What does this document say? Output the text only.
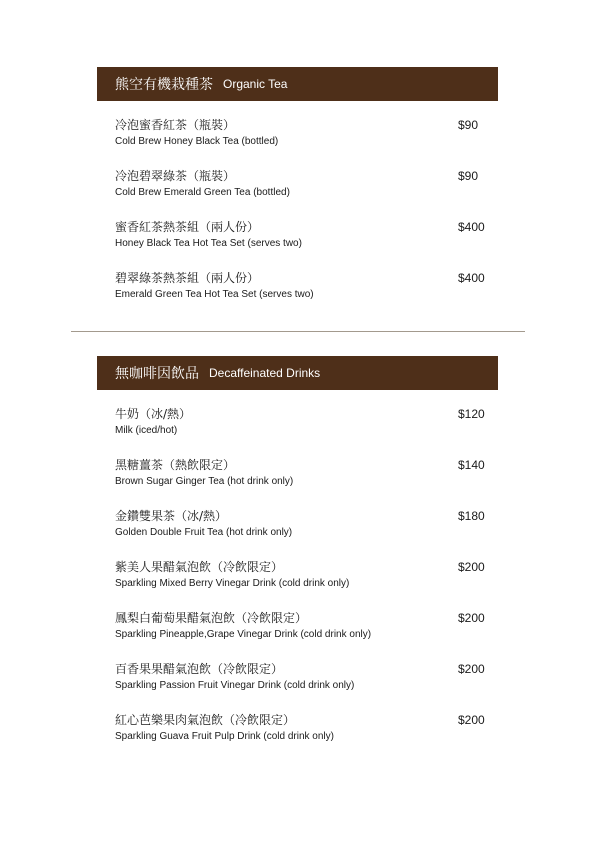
熊空有機栽種茶 Organic Tea
冷泡蜜香紅茶（瓶裝）
Cold Brew Honey Black Tea (bottled)
$90
冷泡碧翠綠茶（瓶裝）
Cold Brew Emerald Green Tea (bottled)
$90
蜜香紅茶熱茶組（兩人份）
Honey Black Tea Hot Tea Set (serves two)
$400
碧翠綠茶熱茶組（兩人份）
Emerald Green Tea Hot Tea Set (serves two)
$400
無咖啡因飲品 Decaffeinated Drinks
牛奶（冰/熱）
Milk (iced/hot)
$120
黑糖薑茶（熱飲限定）
Brown Sugar Ginger Tea (hot drink only)
$140
金鑽雙果茶（冰/熱）
Golden Double Fruit Tea (hot drink only)
$180
紫美人果醋氣泡飲（冷飲限定）
Sparkling Mixed Berry Vinegar Drink (cold drink only)
$200
鳳梨白葡萄果醋氣泡飲（冷飲限定）
Sparkling Pineapple,Grape Vinegar Drink (cold drink only)
$200
百香果果醋氣泡飲（冷飲限定）
Sparkling Passion Fruit Vinegar Drink (cold drink only)
$200
紅心芭樂果肉氣泡飲（冷飲限定）
Sparkling Guava Fruit Pulp Drink (cold drink only)
$200
